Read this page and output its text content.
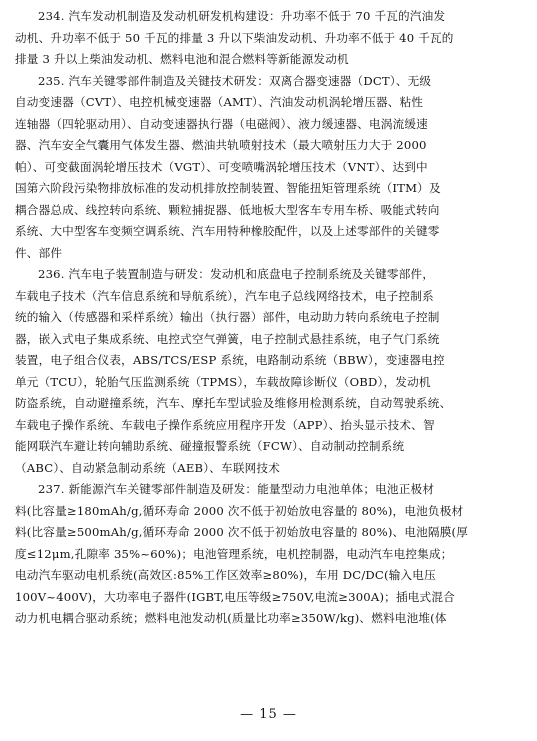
234. 汽车发动机制造及发动机研发机构建设：升功率不低于 70 千瓦的汽油发
动机、升功率不低于 50 千瓦的排量 3 升以下柴油发动机、升功率不低于 40 千瓦的
排量 3 升以上柴油发动机、燃料电池和混合燃料等新能源发动机
235. 汽车关键零部件制造及关键技术研发：双离合器变速器（DCT）、无级
自动变速器（CVT）、电控机械变速器（AMT）、汽油发动机涡轮增压器、粘性
连轴器（四轮驱动用）、自动变速器执行器（电磁阀）、液力缓速器、电涡流缓速
器、汽车安全气囊用气体发生器、燃油共轨喷射技术（最大喷射压力大于 2000
帕）、可变截面涡轮增压技术（VGT）、可变喷嘴涡轮增压技术（VNT）、达到中
国第六阶段污染物排放标准的发动机排放控制装置、智能扭矩管理系统（ITM）及
耦合器总成、线控转向系统、颗粒捕捉器、低地板大型客车专用车桥、吸能式转向
系统、大中型客车变频空调系统、汽车用特种橡胶配件，以及上述零部件的关键零
件、部件
236. 汽车电子装置制造与研发：发动机和底盘电子控制系统及关键零部件，
车载电子技术（汽车信息系统和导航系统），汽车电子总线网络技术，电子控制系
统的输入（传感器和采样系统）输出（执行器）部件，电动助力转向系统电子控制
器，嵌入式电子集成系统、电控式空气弹簧，电子控制式悬挂系统，电子气门系统
装置，电子组合仪表，ABS/TCS/ESP 系统，电路制动系统（BBW），变速器电控
单元（TCU），轮胎气压监测系统（TPMS），车载故障诊断仪（OBD），发动机
防盗系统，自动避撞系统，汽车、摩托车型试验及维修用检测系统，自动驾驶系统、
车载电子操作系统、车载电子操作系统应用程序开发（APP）、抬头显示技术、智
能网联汽车避让转向辅助系统、碰撞报警系统（FCW）、自动制动控制系统
（ABC）、自动紧急制动系统（AEB）、车联网技术
237. 新能源汽车关键零部件制造及研发：能量型动力电池单体；电池正极材
料(比容量≥180mAh/g,循环寿命 2000 次不低于初始放电容量的 80%)，电池负极材
料(比容量≥500mAh/g,循环寿命 2000 次不低于初始放电容量的 80%)、电池隔膜(厚
度≤12μm,孔隙率 35%~60%)；电池管理系统，电机控制器，电动汽车电控集成；
电动汽车驱动电机系统(高效区:85%工作区效率≥80%)，车用 DC/DC(输入电压
100V~400V)，大功率电子器件(IGBT,电压等级≥750V,电流≥300A)；插电式混合
动力机电耦合驱动系统；燃料电池发动机(质量比功率≥350W/kg)、燃料电池堆(体
— 15 —
